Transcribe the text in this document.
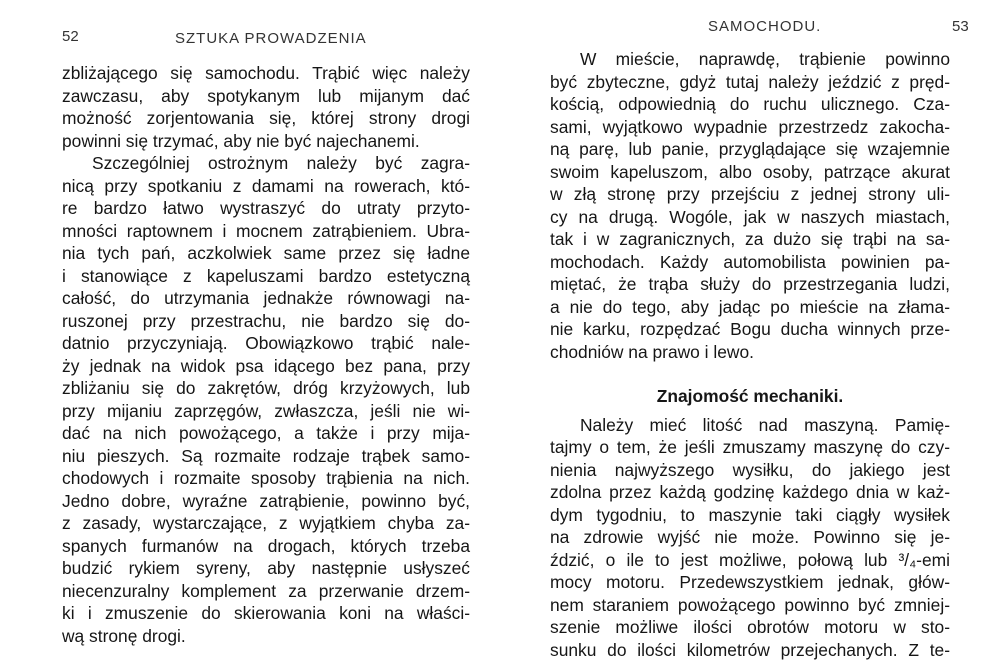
52	SZTUKA PROWADZENIA
zbliżającego się samochodu. Trąbić więc należy
zawczasu, aby spotykanym lub mijanym dać
możność zorjentowania się, której strony drogi
powinni się trzymać, aby nie być najechanemi.
Szczególniej ostrożnym należy być zagra-
nicą przy spotkaniu z damami na rowerach, któ-
re bardzo łatwo wystraszyć do utraty przyto-
mności raptownem i mocnem zatrąbieniem. Ubra-
nia tych pań, aczkolwiek same przez się ładne
i stanowiące z kapeluszami bardzo estetyczną
całość, do utrzymania jednakże równowagi na-
ruszonej przy przestrachu, nie bardzo się do-
datnio przyczyniają. Obowiązkowo trąbić nale-
ży jednak na widok psa idącego bez pana, przy
zbliżaniu się do zakrętów, dróg krzyżowych, lub
przy mijaniu zaprzęgów, zwłaszcza, jeśli nie wi-
dać na nich powożącego, a także i przy mija-
niu pieszych. Są rozmaite rodzaje trąbek samo-
chodowych i rozmaite sposoby trąbienia na nich.
Jedno dobre, wyraźne zatrąbienie, powinno być,
z zasady, wystarczające, z wyjątkiem chyba za-
spanych furmanów na drogach, których trzeba
budzić rykiem syreny, aby następnie usłyszeć
niecenzuralny komplement za przerwanie drzem-
ki i zmuszenie do skierowania koni na właści-
wą stronę drogi.
SAMOCHODU.	53
W mieście, naprawdę, trąbienie powinno
być zbyteczne, gdyż tutaj należy jeździć z pręd-
kością, odpowiednią do ruchu ulicznego. Cza-
sami, wyjątkowo wypadnie przestrzedz zakocha-
ną parę, lub panie, przyglądające się wzajemnie
swoim kapeluszom, albo osoby, patrzące akurat
w złą stronę przy przejściu z jednej strony uli-
cy na drugą. Wogóle, jak w naszych miastach,
tak i w zagranicznych, za dużo się trąbi na sa-
mochodach. Każdy automobilista powinien pa-
miętać, że trąba służy do przestrzegania ludzi,
a nie do tego, aby jadąc po mieście na złama-
nie karku, rozpędzać Bogu ducha winnych prze-
chodniów na prawo i lewo.
Znajomość mechaniki.
Należy mieć litość nad maszyną. Pamię-
tajmy o tem, że jeśli zmuszamy maszynę do czy-
nienia najwyższego wysiłku, do jakiego jest
zdolna przez każdą godzinę każdego dnia w każ-
dym tygodniu, to maszynie taki ciągły wysiłek
na zdrowie wyjść nie może. Powinno się je-
ździć, o ile to jest możliwe, połową lub ³/₄-emi
mocy motoru. Przedewszystkiem jednak, głów-
nem staraniem powożącego powinno być zmniej-
szenie możliwe ilości obrotów motoru w sto-
sunku do ilości kilometrów przejechanych. Z te-
